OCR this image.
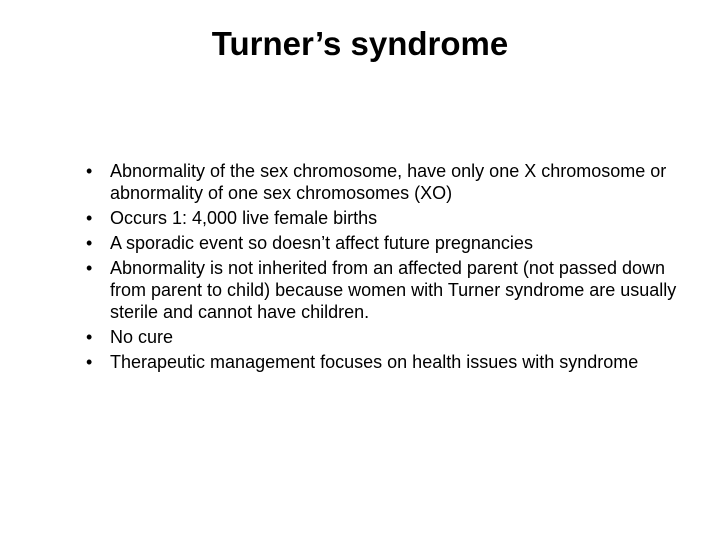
Turner’s syndrome
• Abnormality of the sex chromosome, have only one X chromosome or abnormality of one sex chromosomes (XO)
• Occurs 1: 4,000 live female births
• A sporadic event so doesn’t affect future pregnancies
• Abnormality is not inherited from an affected parent (not passed down from parent to child) because women with Turner syndrome are usually sterile and cannot have children.
• No cure
• Therapeutic management focuses on health issues with syndrome
